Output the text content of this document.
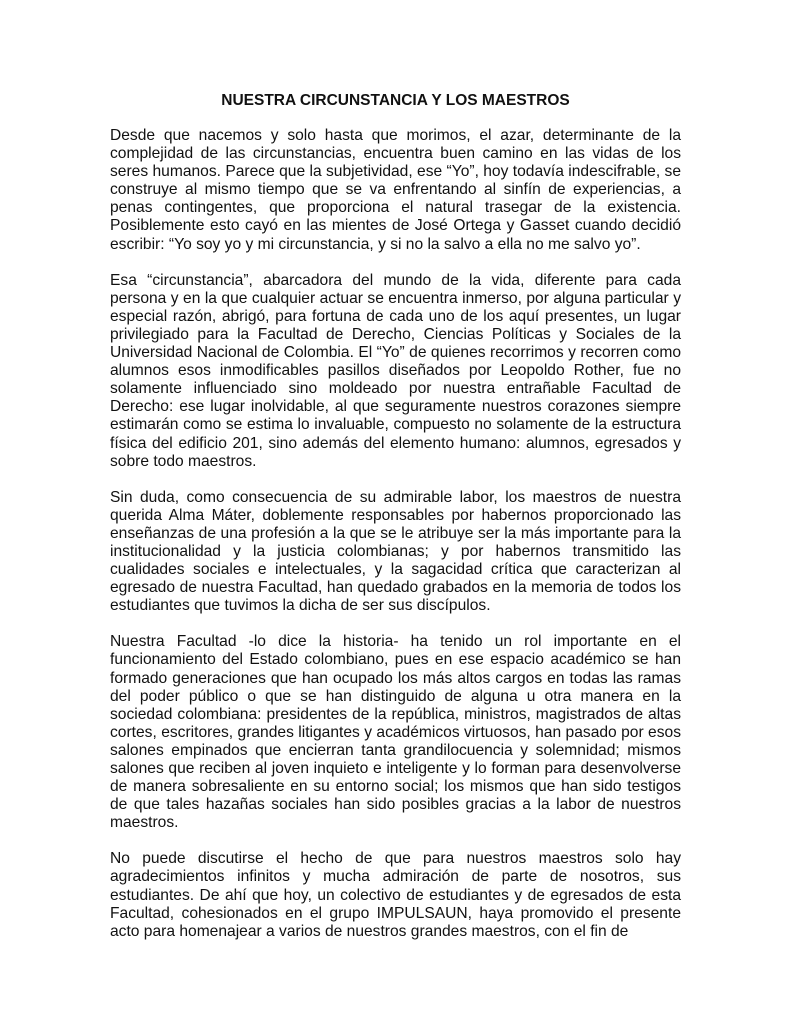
NUESTRA CIRCUNSTANCIA Y LOS MAESTROS

Desde que nacemos y solo hasta que morimos, el azar, determinante de la complejidad de las circunstancias, encuentra buen camino en las vidas de los seres humanos. Parece que la subjetividad, ese “Yo”, hoy todavía indescifrable, se construye al mismo tiempo que se va enfrentando al sinfín de experiencias, a penas contingentes, que proporciona el natural trasegar de la existencia. Posiblemente esto cayó en las mientes de José Ortega y Gasset cuando decidió escribir: “Yo soy yo y mi circunstancia, y si no la salvo a ella no me salvo yo”.

Esa “circunstancia”, abarcadora del mundo de la vida, diferente para cada persona y en la que cualquier actuar se encuentra inmerso, por alguna particular y especial razón, abrigó, para fortuna de cada uno de los aquí presentes, un lugar privilegiado para la Facultad de Derecho, Ciencias Políticas y Sociales de la Universidad Nacional de Colombia. El “Yo” de quienes recorrimos y recorren como alumnos esos inmodificables pasillos diseñados por Leopoldo Rother, fue no solamente influenciado sino moldeado por nuestra entrañable Facultad de Derecho: ese lugar inolvidable, al que seguramente nuestros corazones siempre estimarán como se estima lo invaluable, compuesto no solamente de la estructura física del edificio 201, sino además del elemento humano: alumnos, egresados y sobre todo maestros.

Sin duda, como consecuencia de su admirable labor, los maestros de nuestra querida Alma Máter, doblemente responsables por habernos proporcionado las enseñanzas de una profesión a la que se le atribuye ser la más importante para la institucionalidad y la justicia colombianas; y por habernos transmitido las cualidades sociales e intelectuales, y la sagacidad crítica que caracterizan al egresado de nuestra Facultad, han quedado grabados en la memoria de todos los estudiantes que tuvimos la dicha de ser sus discípulos.

Nuestra Facultad -lo dice la historia- ha tenido un rol importante en el funcionamiento del Estado colombiano, pues en ese espacio académico se han formado generaciones que han ocupado los más altos cargos en todas las ramas del poder público o que se han distinguido de alguna u otra manera en la sociedad colombiana: presidentes de la república, ministros, magistrados de altas cortes, escritores, grandes litigantes y académicos virtuosos, han pasado por esos salones empinados que encierran tanta grandilocuencia y solemnidad; mismos salones que reciben al joven inquieto e inteligente y lo forman para desenvolverse de manera sobresaliente en su entorno social; los mismos que han sido testigos de que tales hazañas sociales han sido posibles gracias a la labor de nuestros maestros.

No puede discutirse el hecho de que para nuestros maestros solo hay agradecimientos infinitos y mucha admiración de parte de nosotros, sus estudiantes. De ahí que hoy, un colectivo de estudiantes y de egresados de esta Facultad, cohesionados en el grupo IMPULSAUN, haya promovido el presente acto para homenajear a varios de nuestros grandes maestros, con el fin de
